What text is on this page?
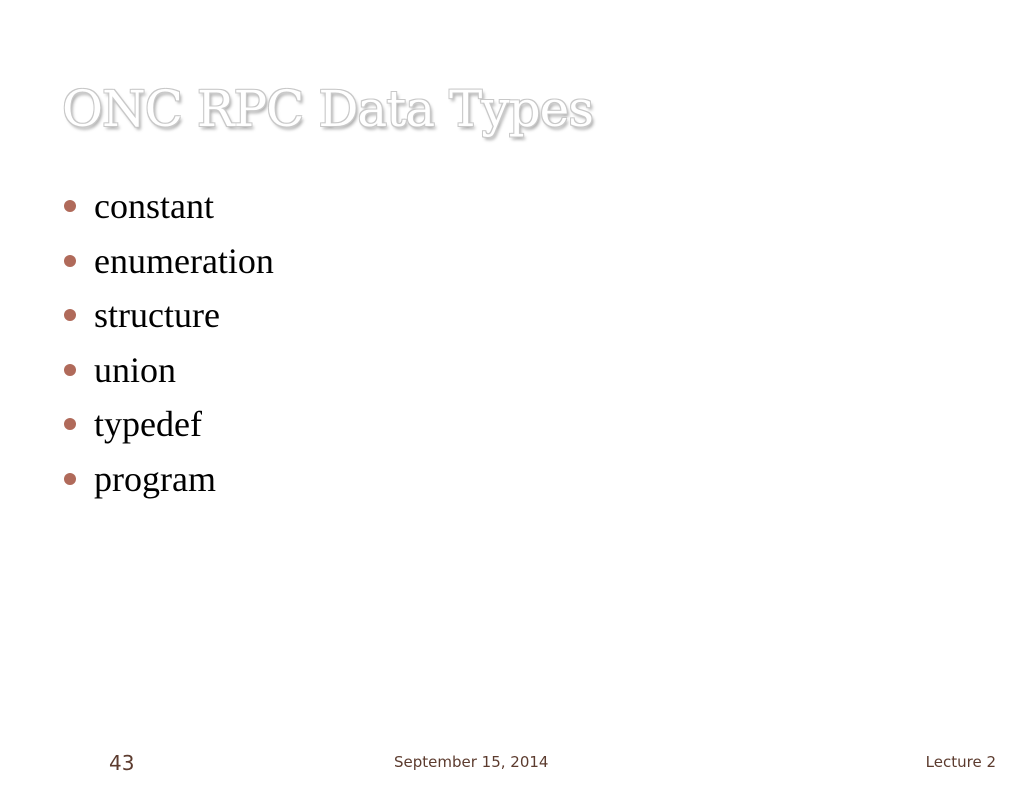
ONC RPC Data Types
constant
enumeration
structure
union
typedef
program
43	September 15, 2014	Lecture 2
